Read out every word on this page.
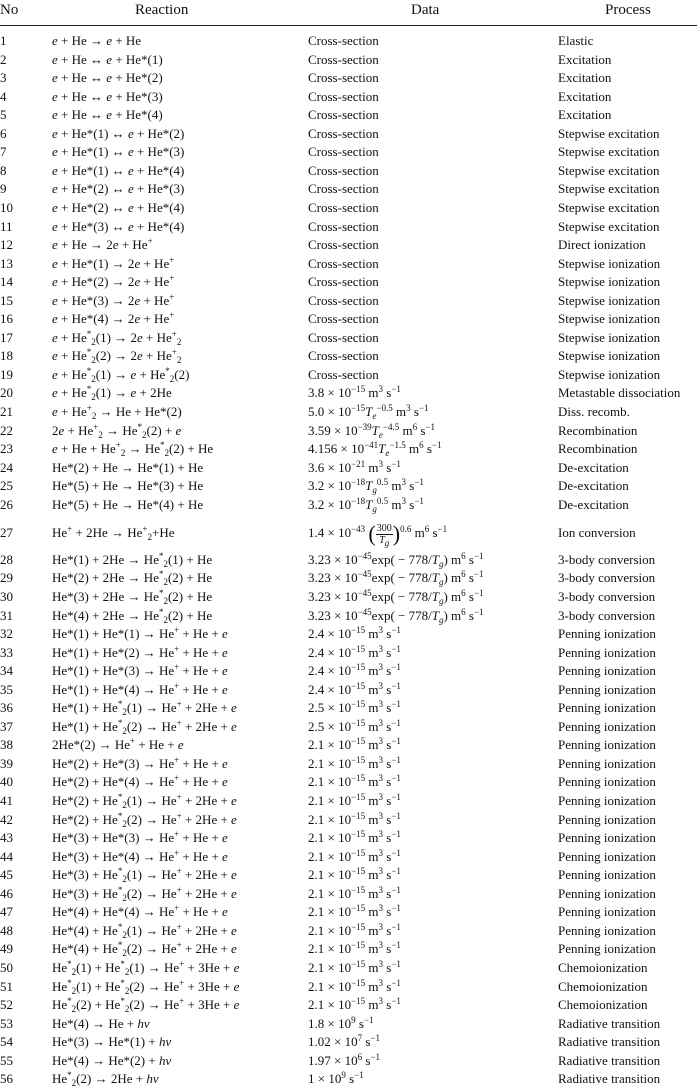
No	Reaction	Data	Process
1	e + He → e + He	Cross-section	Elastic
2	e + He ↔ e + He*(1)	Cross-section	Excitation
3	e + He ↔ e + He*(2)	Cross-section	Excitation
4	e + He ↔ e + He*(3)	Cross-section	Excitation
5	e + He ↔ e + He*(4)	Cross-section	Excitation
6	e + He*(1) ↔ e + He*(2)	Cross-section	Stepwise excitation
7	e + He*(1) ↔ e + He*(3)	Cross-section	Stepwise excitation
8	e + He*(1) ↔ e + He*(4)	Cross-section	Stepwise excitation
9	e + He*(2) ↔ e + He*(3)	Cross-section	Stepwise excitation
10	e + He*(2) ↔ e + He*(4)	Cross-section	Stepwise excitation
11	e + He*(3) ↔ e + He*(4)	Cross-section	Stepwise excitation
12	e + He → 2e + He+	Cross-section	Direct ionization
13	e + He*(1) → 2e + He+	Cross-section	Stepwise ionization
14	e + He*(2) → 2e + He+	Cross-section	Stepwise ionization
15	e + He*(3) → 2e + He+	Cross-section	Stepwise ionization
16	e + He*(4) → 2e + He+	Cross-section	Stepwise ionization
17	$e + He^*_2(1) \to 2e + He^+_2$	Cross-section	Stepwise ionization
18	$e + He^*_2(2) \to 2e + He^+_2$	Cross-section	Stepwise ionization
19	$e + He^*_2(1) \to e + He^*_2(2)$	Cross-section	Stepwise ionization
20	$e + He^*_2(1) \to e + 2He$	$3.8 \times 10^{-15}$ $m^3$ $s^{-1}$	Metastable dissociation
21	$e + He^+_2 \to He + He*(2)$	$5.0 \times 10^{-15}T_e^{-0.5}$ $m^3$ $s^{-1}$	Diss. recomb.
22	$2e + He^+_2 \to He^*_2(2) + e$	$3.59 \times 10^{-39}T_e^{-4.5}$ $m^6$ $s^{-1}$	Recombination
23	$e + He + He^+_2 \to He^*_2(2) + He$	$4.156 \times 10^{-41}T_e^{-1.5}$ $m^6$ $s^{-1}$	Recombination
24	He*(2) + He → He*(1) + He	$3.6 \times 10^{-21}$ $m^3$ $s^{-1}$	De-excitation
25	He*(5) + He → He*(3) + He	$3.2 \times 10^{-18}T_g^{0.5}$ $m^3$ $s^{-1}$	De-excitation
26	He*(5) + He → He*(4) + He	$3.2 \times 10^{-18}T_g^{0.5}$ $m^3$ $s^{-1}$	De-excitation
27	$He^+ + 2He \to He^+_2+He$	$1.4 \times 10^{-43}$ ( $\frac{300}{T_g} )^{0.6}$ $m^6$ $s^{-1}$	Ion conversion
28	$He*(1) + 2He \to He^*_2(1) + He$	$3.23 \times 10^{-45}\exp( - 778/T_g)$ $m^6$ $s^{-1}$	3-body conversion
29	$He*(2) + 2He \to He^*_2(2) + He$	$3.23 \times 10^{-45}\exp( - 778/T_g)$ $m^6$ $s^{-1}$	3-body conversion
30	$He*(3) + 2He \to He^*_2(2) + He$	$3.23 \times 10^{-45}\exp( - 778/T_g)$ $m^6$ $s^{-1}$	3-body conversion
31	$He*(4) + 2He \to He^*_2(2) + He$	$3.23 \times 10^{-45}\exp( - 778/T_g)$ $m^6$ $s^{-1}$	3-body conversion
32	He*(1) + He*(1) → He+ + He + e	$2.4 \times 10^{-15}$ $m^3$ $s^{-1}$	Penning ionization
33	He*(1) + He*(2) → He+ + He + e	$2.4 \times 10^{-15}$ $m^3$ $s^{-1}$	Penning ionization
34	He*(1) + He*(3) → He+ + He + e	$2.4 \times 10^{-15}$ $m^3$ $s^{-1}$	Penning ionization
35	He*(1) + He*(4) → He+ + He + e	$2.4 \times 10^{-15}$ $m^3$ $s^{-1}$	Penning ionization
36	$He*(1) + He^*_2(1) \to He^+ + 2He + e$	$2.5 \times 10^{-15}$ $m^3$ $s^{-1}$	Penning ionization
37	$He*(1) + He^*_2(2) \to He^+ + 2He + e$	$2.5 \times 10^{-15}$ $m^3$ $s^{-1}$	Penning ionization
38	2He*(2) → He+ + He + e	$2.1 \times 10^{-15}$ $m^3$ $s^{-1}$	Penning ionization
39	He*(2) + He*(3) → He+ + He + e	$2.1 \times 10^{-15}$ $m^3$ $s^{-1}$	Penning ionization
40	He*(2) + He*(4) → He+ + He + e	$2.1 \times 10^{-15}$ $m^3$ $s^{-1}$	Penning ionization
41	$He*(2) + He^*_2(1) \to He^+ + 2He + e$	$2.1 \times 10^{-15}$ $m^3$ $s^{-1}$	Penning ionization
42	$He*(2) + He^*_2(2) \to He^+ + 2He + e$	$2.1 \times 10^{-15}$ $m^3$ $s^{-1}$	Penning ionization
43	He*(3) + He*(3) → He+ + He + e	$2.1 \times 10^{-15}$ $m^3$ $s^{-1}$	Penning ionization
44	He*(3) + He*(4) → He+ + He + e	$2.1 \times 10^{-15}$ $m^3$ $s^{-1}$	Penning ionization
45	$He*(3) + He^*_2(1) \to He^+ + 2He + e$	$2.1 \times 10^{-15}$ $m^3$ $s^{-1}$	Penning ionization
46	$He*(3) + He^*_2(2) \to He^+ + 2He + e$	$2.1 \times 10^{-15}$ $m^3$ $s^{-1}$	Penning ionization
47	He*(4) + He*(4) → He+ + He + e	$2.1 \times 10^{-15}$ $m^3$ $s^{-1}$	Penning ionization
48	$He*(4) + He^*_2(1) \to He^+ + 2He + e$	$2.1 \times 10^{-15}$ $m^3$ $s^{-1}$	Penning ionization
49	$He*(4) + He^*_2(2) \to He^+ + 2He + e$	$2.1 \times 10^{-15}$ $m^3$ $s^{-1}$	Penning ionization
50	$He^*_2(1) + He^*_2(1) \to He^+ + 3He + e$	$2.1 \times 10^{-15}$ $m^3$ $s^{-1}$	Chemoionization
51	$He^*_2(1) + He^*_2(2) \to He^+ + 3He + e$	$2.1 \times 10^{-15}$ $m^3$ $s^{-1}$	Chemoionization
52	$He^*_2(2) + He^*_2(2) \to He^+ + 3He + e$	$2.1 \times 10^{-15}$ $m^3$ $s^{-1}$	Chemoionization
53	He*(4) → He + hv	$1.8 \times 10^9$ $s^{-1}$	Radiative transition
54	He*(3) → He*(1) + hv	$1.02 \times 10^7$ $s^{-1}$	Radiative transition
55	He*(4) → He*(2) + hv	$1.97 \times 10^6$ $s^{-1}$	Radiative transition
56	$He^*_2(2) \to 2He$ + hv	$1 \times 10^9$ $s^{-1}$	Radiative transition
